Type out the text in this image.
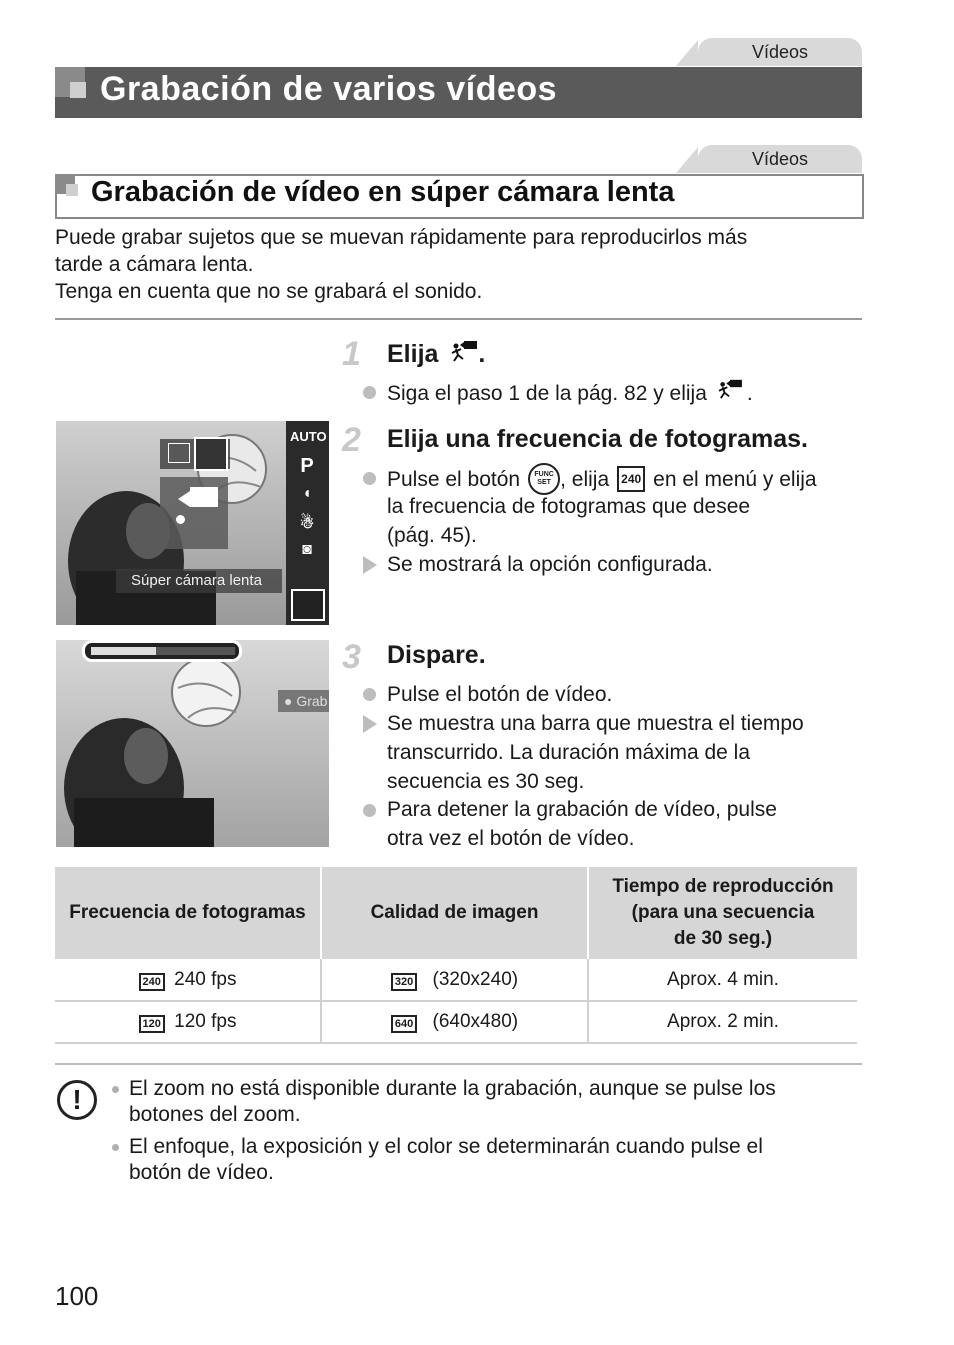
Vídeos
Grabación de varios vídeos
Vídeos
Grabación de vídeo en súper cámara lenta
Puede grabar sujetos que se muevan rápidamente para reproducirlos más
tarde a cámara lenta.
Tenga en cuenta que no se grabará el sonido.
1 Elija .
Siga el paso 1 de la pág. 82 y elija .
AUTO
P
◖
☃
◙
Súper cámara lenta
2 Elija una frecuencia de fotogramas.
Pulse el botón	FUNC
SET , elija	240 en el menú y elija
la frecuencia de fotogramas que desee
(pág. 45).
Se mostrará la opción configurada.
● Grab
3 Dispare.
Pulse el botón de vídeo.
Se muestra una barra que muestra el tiempo
transcurrido. La duración máxima de la
secuencia es 30 seg.
Para detener la grabación de vídeo, pulse
otra vez el botón de vídeo.
Frecuencia de fotogramas	Calidad de imagen	Tiempo de reproducción
(para una secuencia
de 30 seg.)

240 240 fps	320 (320x240)	Aprox. 4 min.
120 120 fps	640 (640x480)	Aprox. 2 min.
!	El zoom no está disponible durante la grabación, aunque se pulse los
botones del zoom.
El enfoque, la exposición y el color se determinarán cuando pulse el
botón de vídeo.
100
